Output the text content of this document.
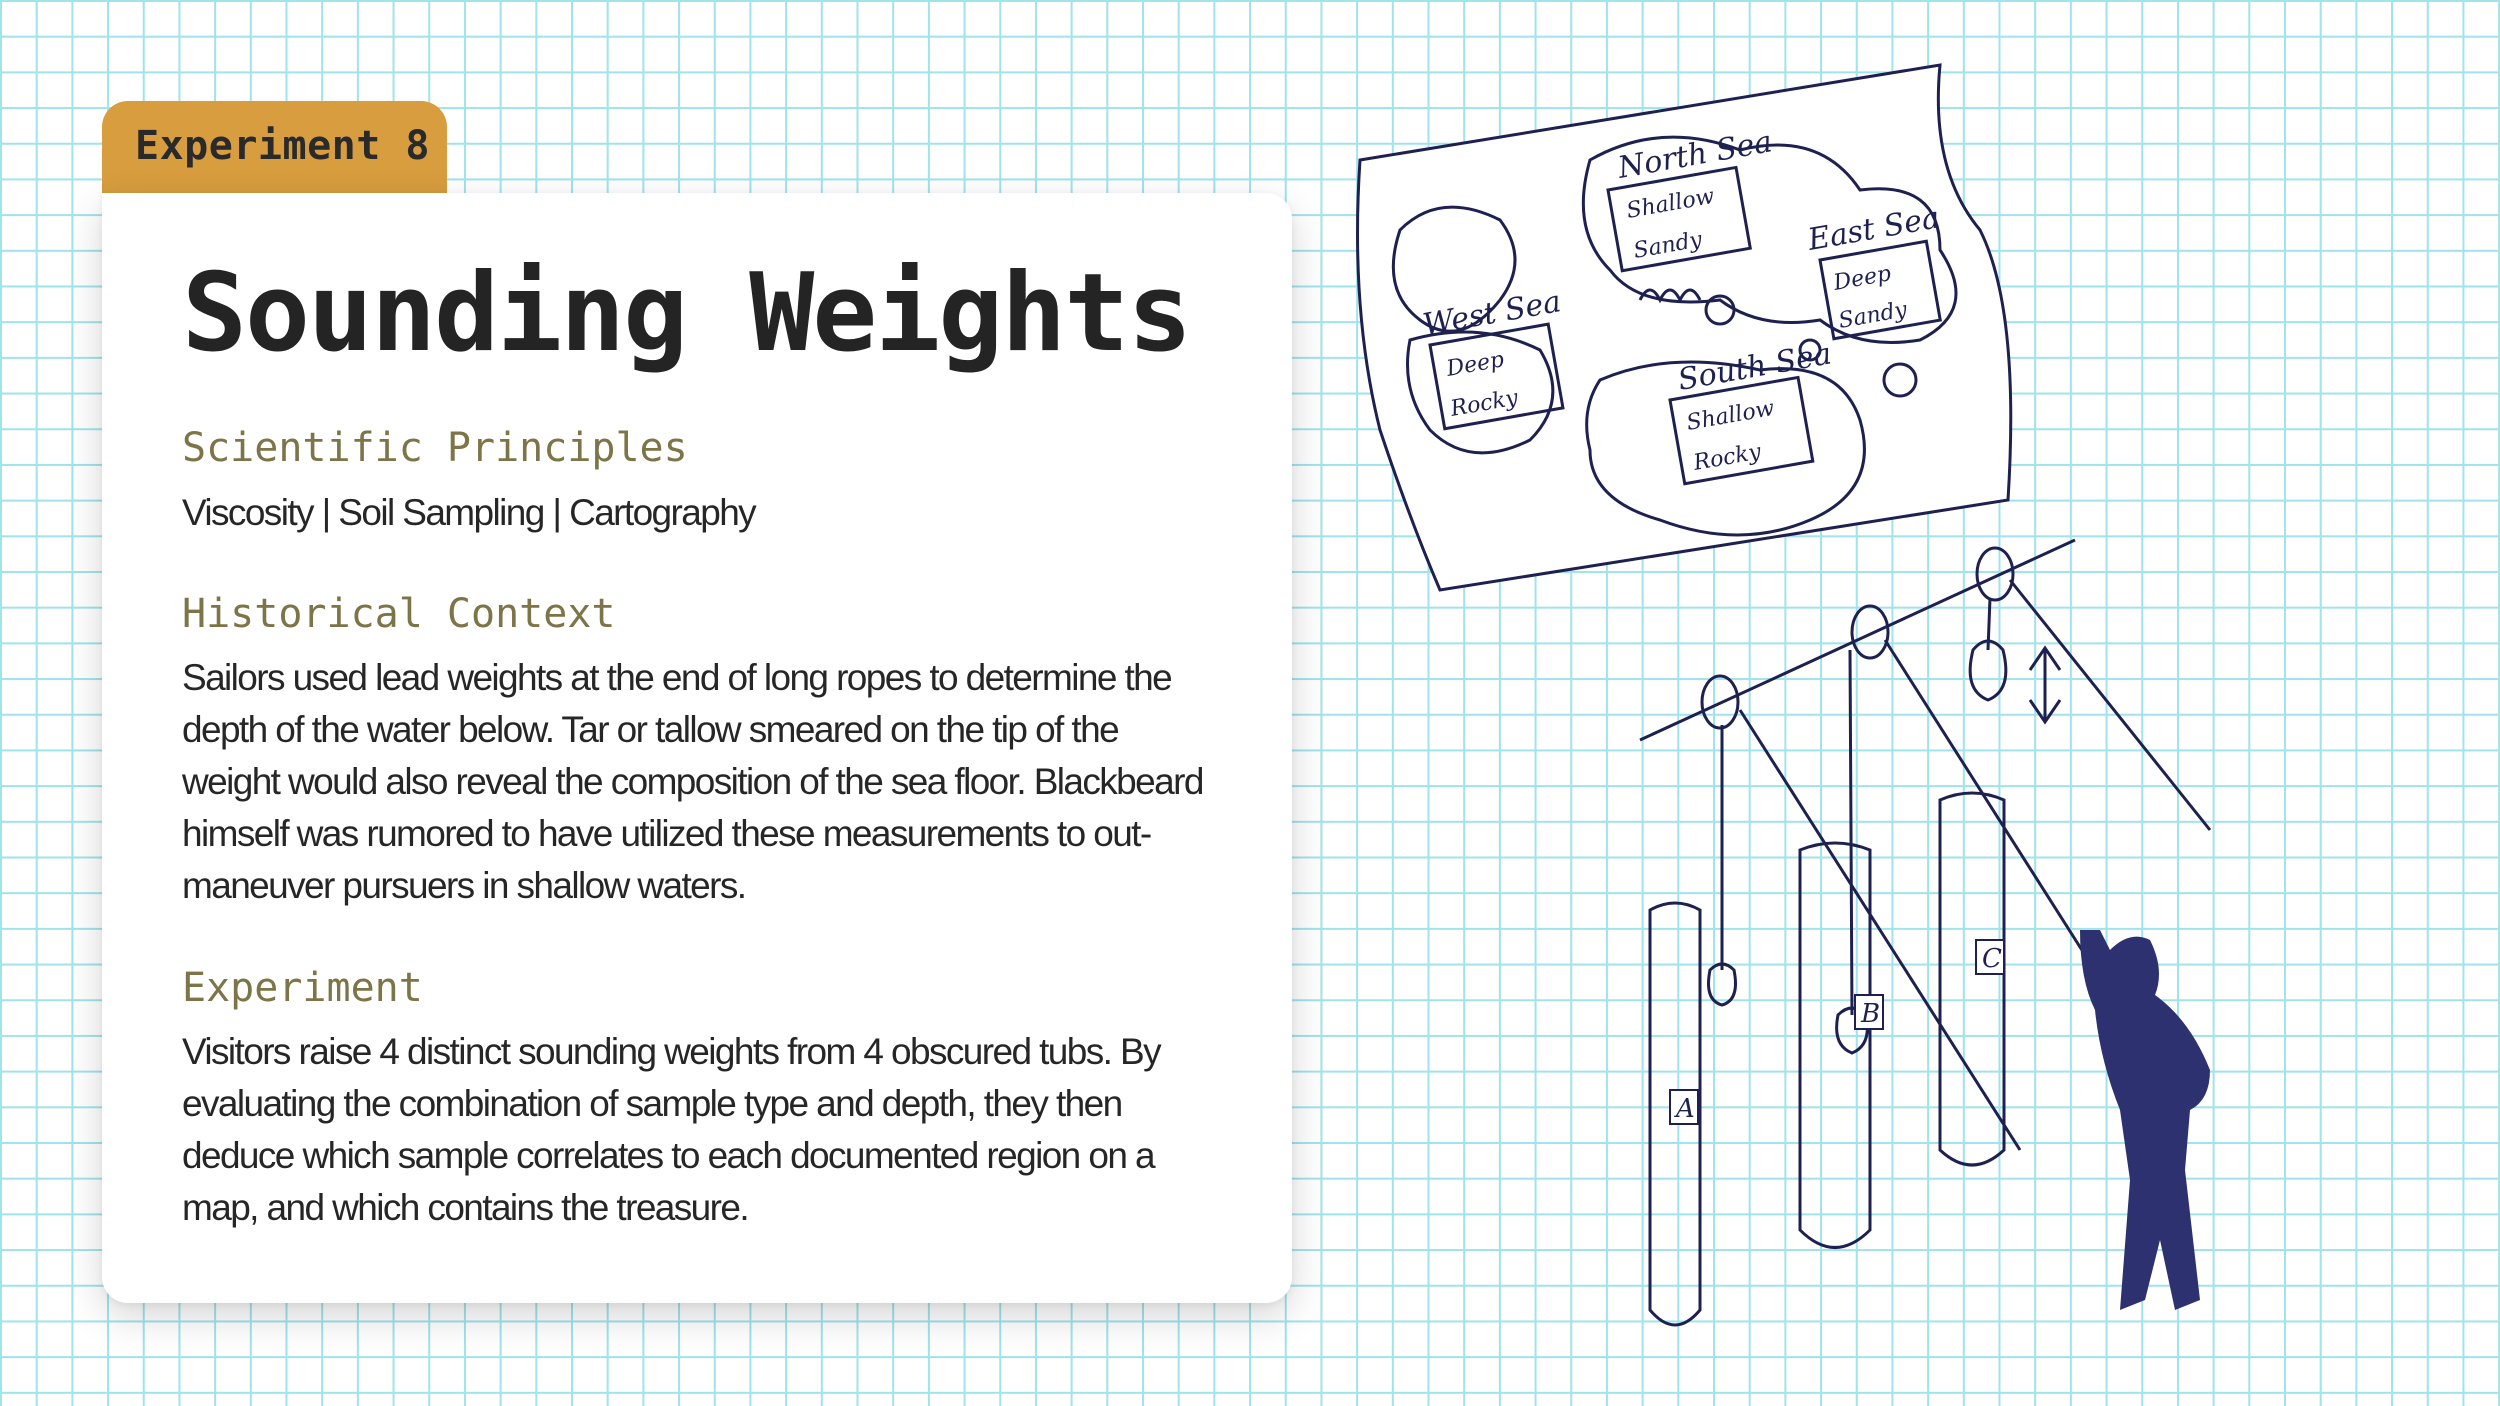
Experiment 8
Sounding Weights
Scientific Principles

Viscosity | Soil Sampling | Cartography

Historical Context

Sailors used lead weights at the end of long ropes to determine the depth of the water below. Tar or tallow smeared on the tip of the weight would also reveal the composition of the sea floor. Blackbeard himself was rumored to have utilized these measurements to out-maneuver pursuers in shallow waters.

Experiment

Visitors raise 4 distinct sounding weights from 4 obscured tubs. By evaluating the combination of sample type and depth, they then deduce which sample correlates to each documented region on a map, and which contains the treasure.

North Sea
Shallow
Sandy	East Sea
Deep
Sandy
West Sea
Deep
Rocky
South Sea
Shallow
Rocky
A
B
C
